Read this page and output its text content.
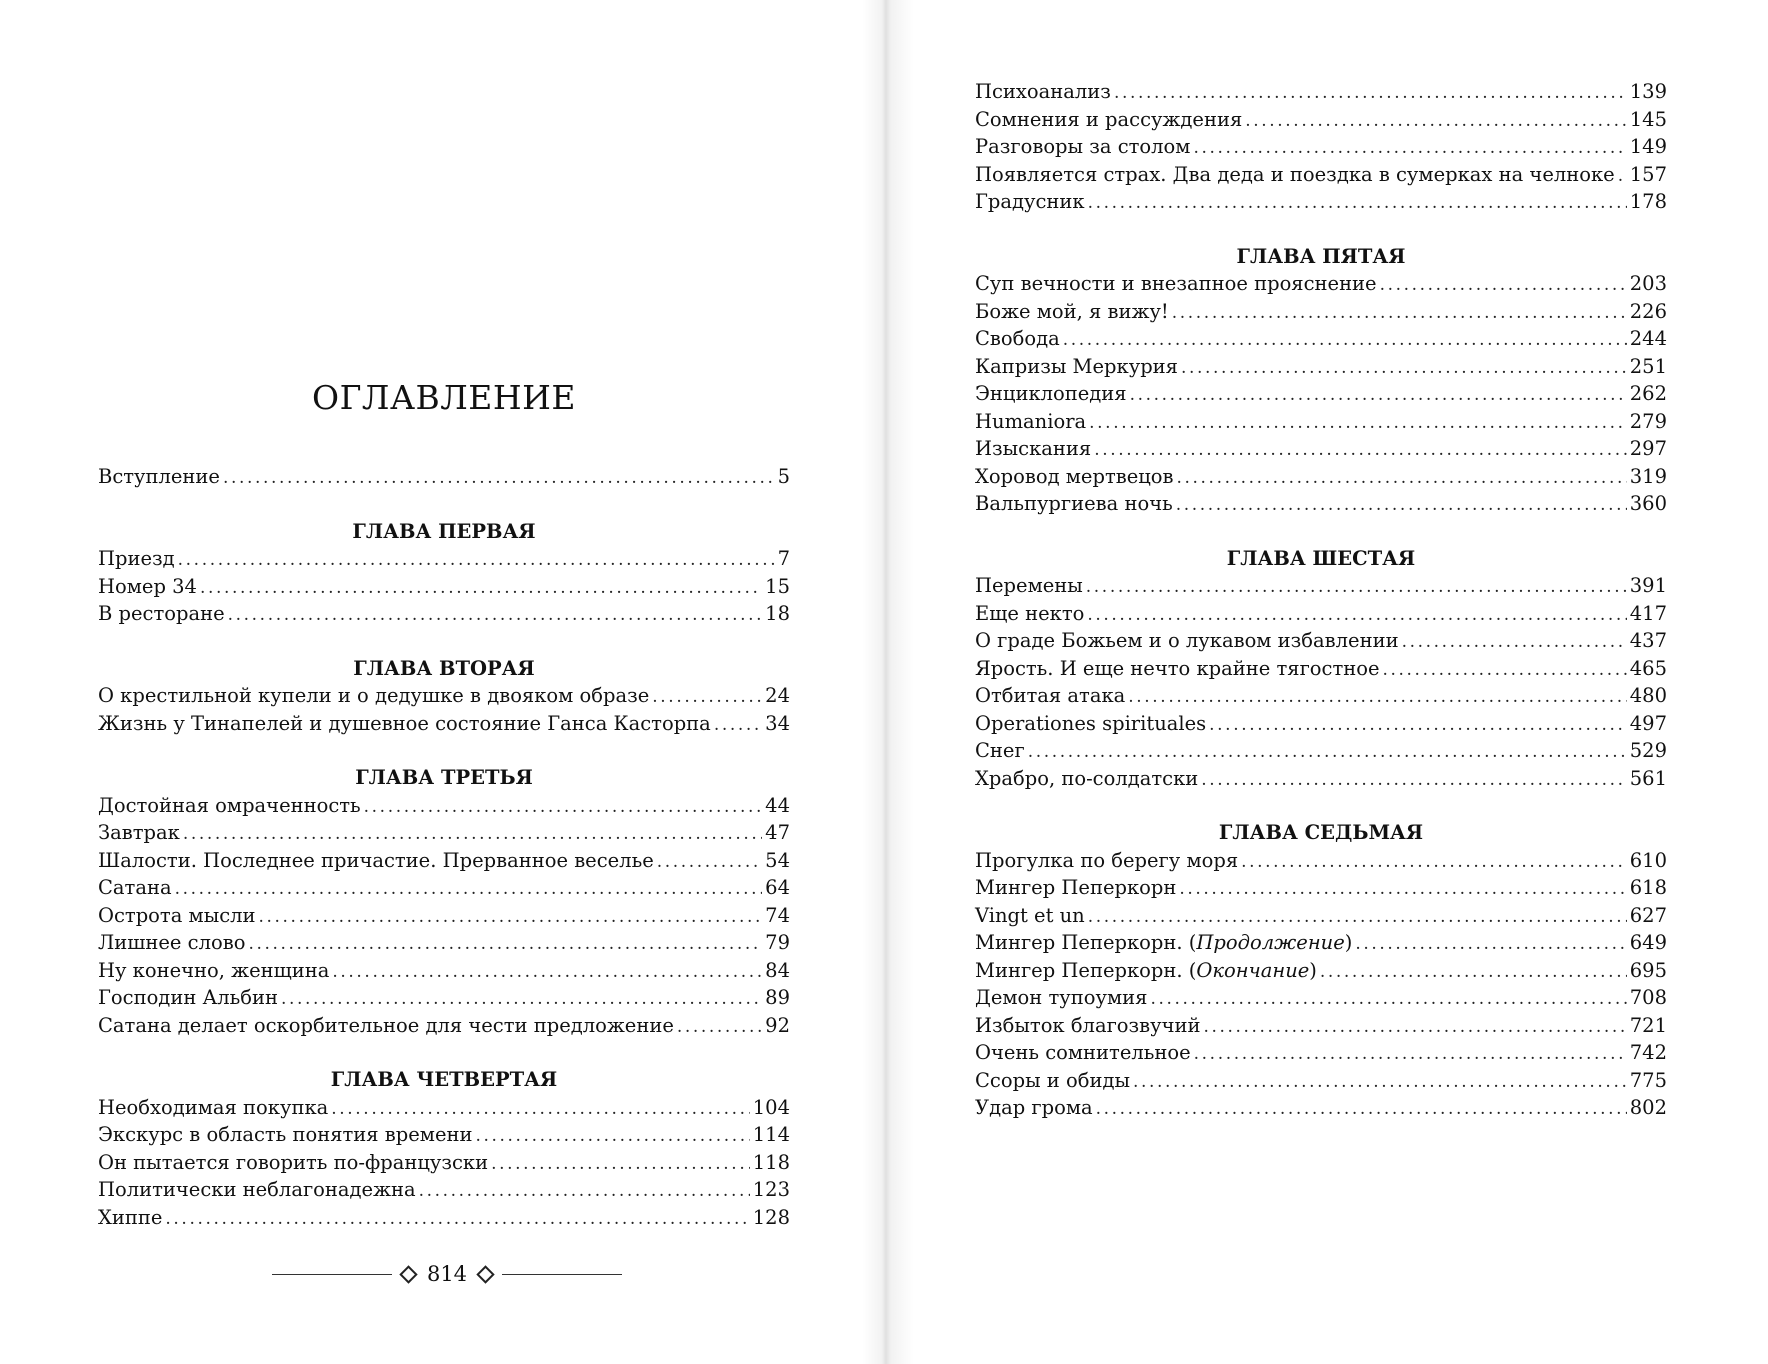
ОГЛАВЛЕНИЕ
Вступление . . .	5
ГЛАВА ПЕРВАЯ
Приезд . . .	7
Номер 34 . . .	15
В ресторане . . .	18
ГЛАВА ВТОРАЯ
О крестильной купели и о дедушке в двояком образе . . .	24
Жизнь у Тинапелей и душевное состояние Ганса Касторпа . . .	34
ГЛАВА ТРЕТЬЯ
Достойная омраченность . . .	44
Завтрак . . .	47
Шалости. Последнее причастие. Прерванное веселье . . .	54
Сатана . . .	64
Острота мысли . . .	74
Лишнее слово . . .	79
Ну конечно, женщина . . .	84
Господин Альбин . . .	89
Сатана делает оскорбительное для чести предложение . . .	92
ГЛАВА ЧЕТВЕРТАЯ
Необходимая покупка . . .	104
Экскурс в область понятия времени . . .	114
Он пытается говорить по-французски . . .	118
Политически неблагонадежна . . .	123
Хиппе . . .	128
814
Психоанализ . . .	139
Сомнения и рассуждения . . .	145
Разговоры за столом . . .	149
Появляется страх. Два деда и поездка в сумерках на челноке . . . 157
Градусник . . .	178
ГЛАВА ПЯТАЯ
Суп вечности и внезапное прояснение . . .	203
Боже мой, я вижу! . . .	226
Свобода . . .	244
Капризы Меркурия . . .	251
Энциклопедия . . .	262
Humaniora . . .	279
Изыскания . . .	297
Хоровод мертвецов . . .	319
Вальпургиева ночь . . .	360
ГЛАВА ШЕСТАЯ
Перемены . . .	391
Еще некто . . .	417
О граде Божьем и о лукавом избавлении . . .	437
Ярость. И еще нечто крайне тягостное . . .	465
Отбитая атака . . .	480
Operationes spirituales . . .	497
Снег . . .	529
Храбро, по-солдатски . . .	561
ГЛАВА СЕДЬМАЯ
Прогулка по берегу моря . . .	610
Мингер Пеперкорн . . .	618
Vingt et un . . .	627
Мингер Пеперкорн. (Продолжение) . . .	649
Мингер Пеперкорн. (Окончание) . . .	695
Демон тупоумия . . .	708
Избыток благозвучий . . .	721
Очень сомнительное . . .	742
Ссоры и обиды . . .	775
Удар грома . . .	802
